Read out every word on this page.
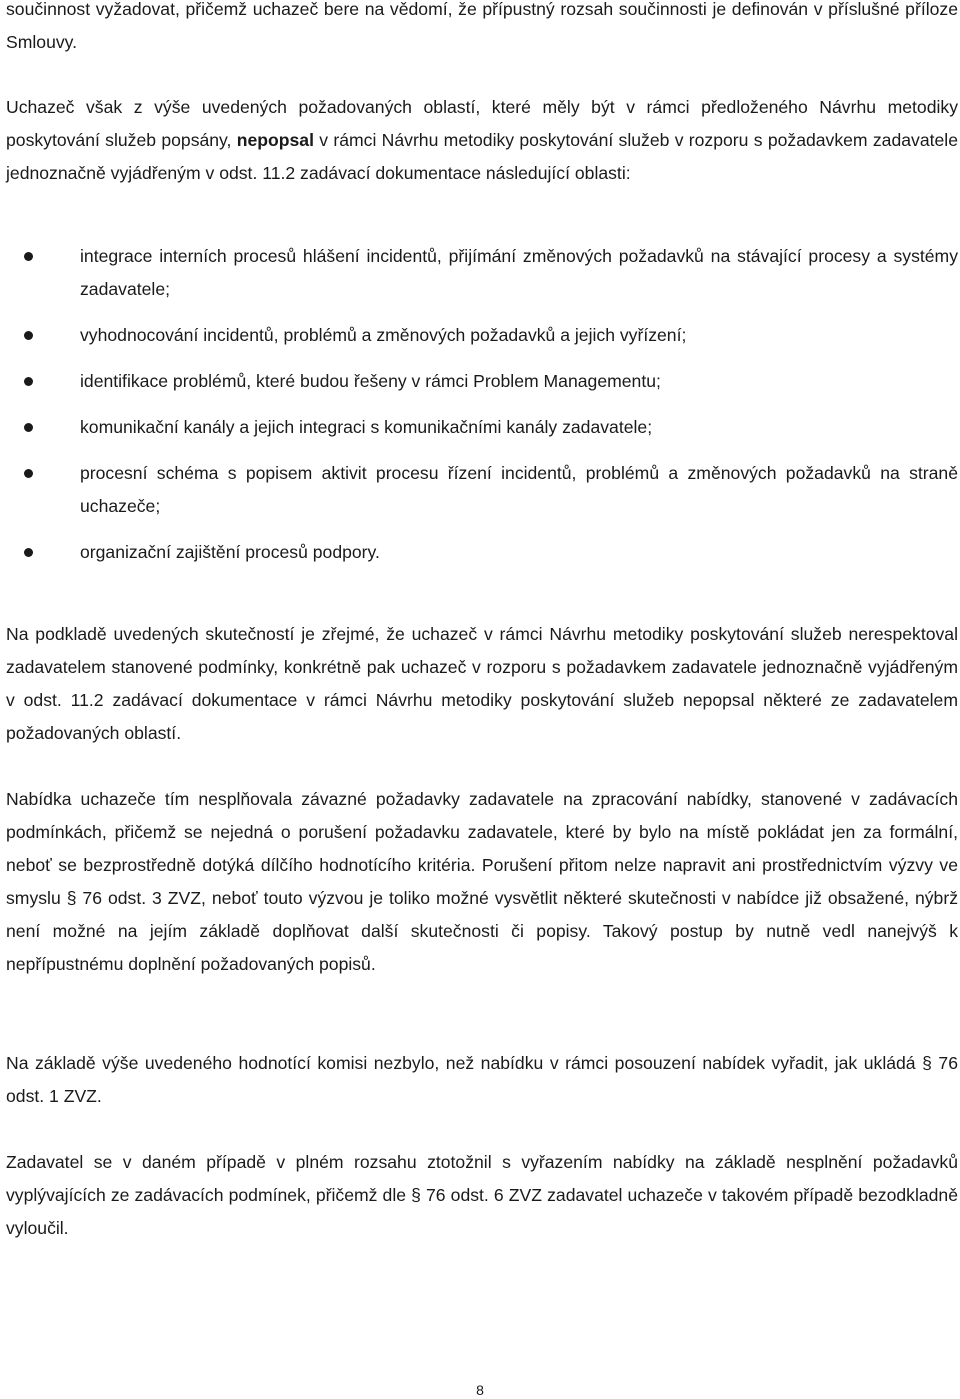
součinnost vyžadovat, přičemž uchazeč bere na vědomí, že přípustný rozsah součinnosti je definován v příslušné příloze Smlouvy.

Uchazeč však z výše uvedených požadovaných oblastí, které měly být v rámci předloženého Návrhu metodiky poskytování služeb popsány, nepopsal v rámci Návrhu metodiky poskytování služeb v rozporu s požadavkem zadavatele jednoznačně vyjádřeným v odst. 11.2 zadávací dokumentace následující oblasti:

integrace interních procesů hlášení incidentů, přijímání změnových požadavků na stávající procesy a systémy zadavatele;
vyhodnocování incidentů, problémů a změnových požadavků a jejich vyřízení;
identifikace problémů, které budou řešeny v rámci Problem Managementu;
komunikační kanály a jejich integraci s komunikačními kanály zadavatele;
procesní schéma s popisem aktivit procesu řízení incidentů, problémů a změnových požadavků na straně uchazeče;
organizační zajištění procesů podpory.

Na podkladě uvedených skutečností je zřejmé, že uchazeč v rámci Návrhu metodiky poskytování služeb nerespektoval zadavatelem stanovené podmínky, konkrétně pak uchazeč v rozporu s požadavkem zadavatele jednoznačně vyjádřeným v odst. 11.2 zadávací dokumentace v rámci Návrhu metodiky poskytování služeb nepopsal některé ze zadavatelem požadovaných oblastí.

Nabídka uchazeče tím nesplňovala závazné požadavky zadavatele na zpracování nabídky, stanovené v zadávacích podmínkách, přičemž se nejedná o porušení požadavku zadavatele, které by bylo na místě pokládat jen za formální, neboť se bezprostředně dotýká dílčího hodnotícího kritéria. Porušení přitom nelze napravit ani prostřednictvím výzvy ve smyslu § 76 odst. 3 ZVZ, neboť touto výzvou je toliko možné vysvětlit některé skutečnosti v nabídce již obsažené, nýbrž není možné na jejím základě doplňovat další skutečnosti či popisy. Takový postup by nutně vedl nanejvýš k nepřípustnému doplnění požadovaných popisů.

Na základě výše uvedeného hodnotící komisi nezbylo, než nabídku v rámci posouzení nabídek vyřadit, jak ukládá § 76 odst. 1 ZVZ.

Zadavatel se v daném případě v plném rozsahu ztotožnil s vyřazením nabídky na základě nesplnění požadavků vyplývajících ze zadávacích podmínek, přičemž dle § 76 odst. 6 ZVZ zadavatel uchazeče v takovém případě bezodkladně vyloučil.

8
